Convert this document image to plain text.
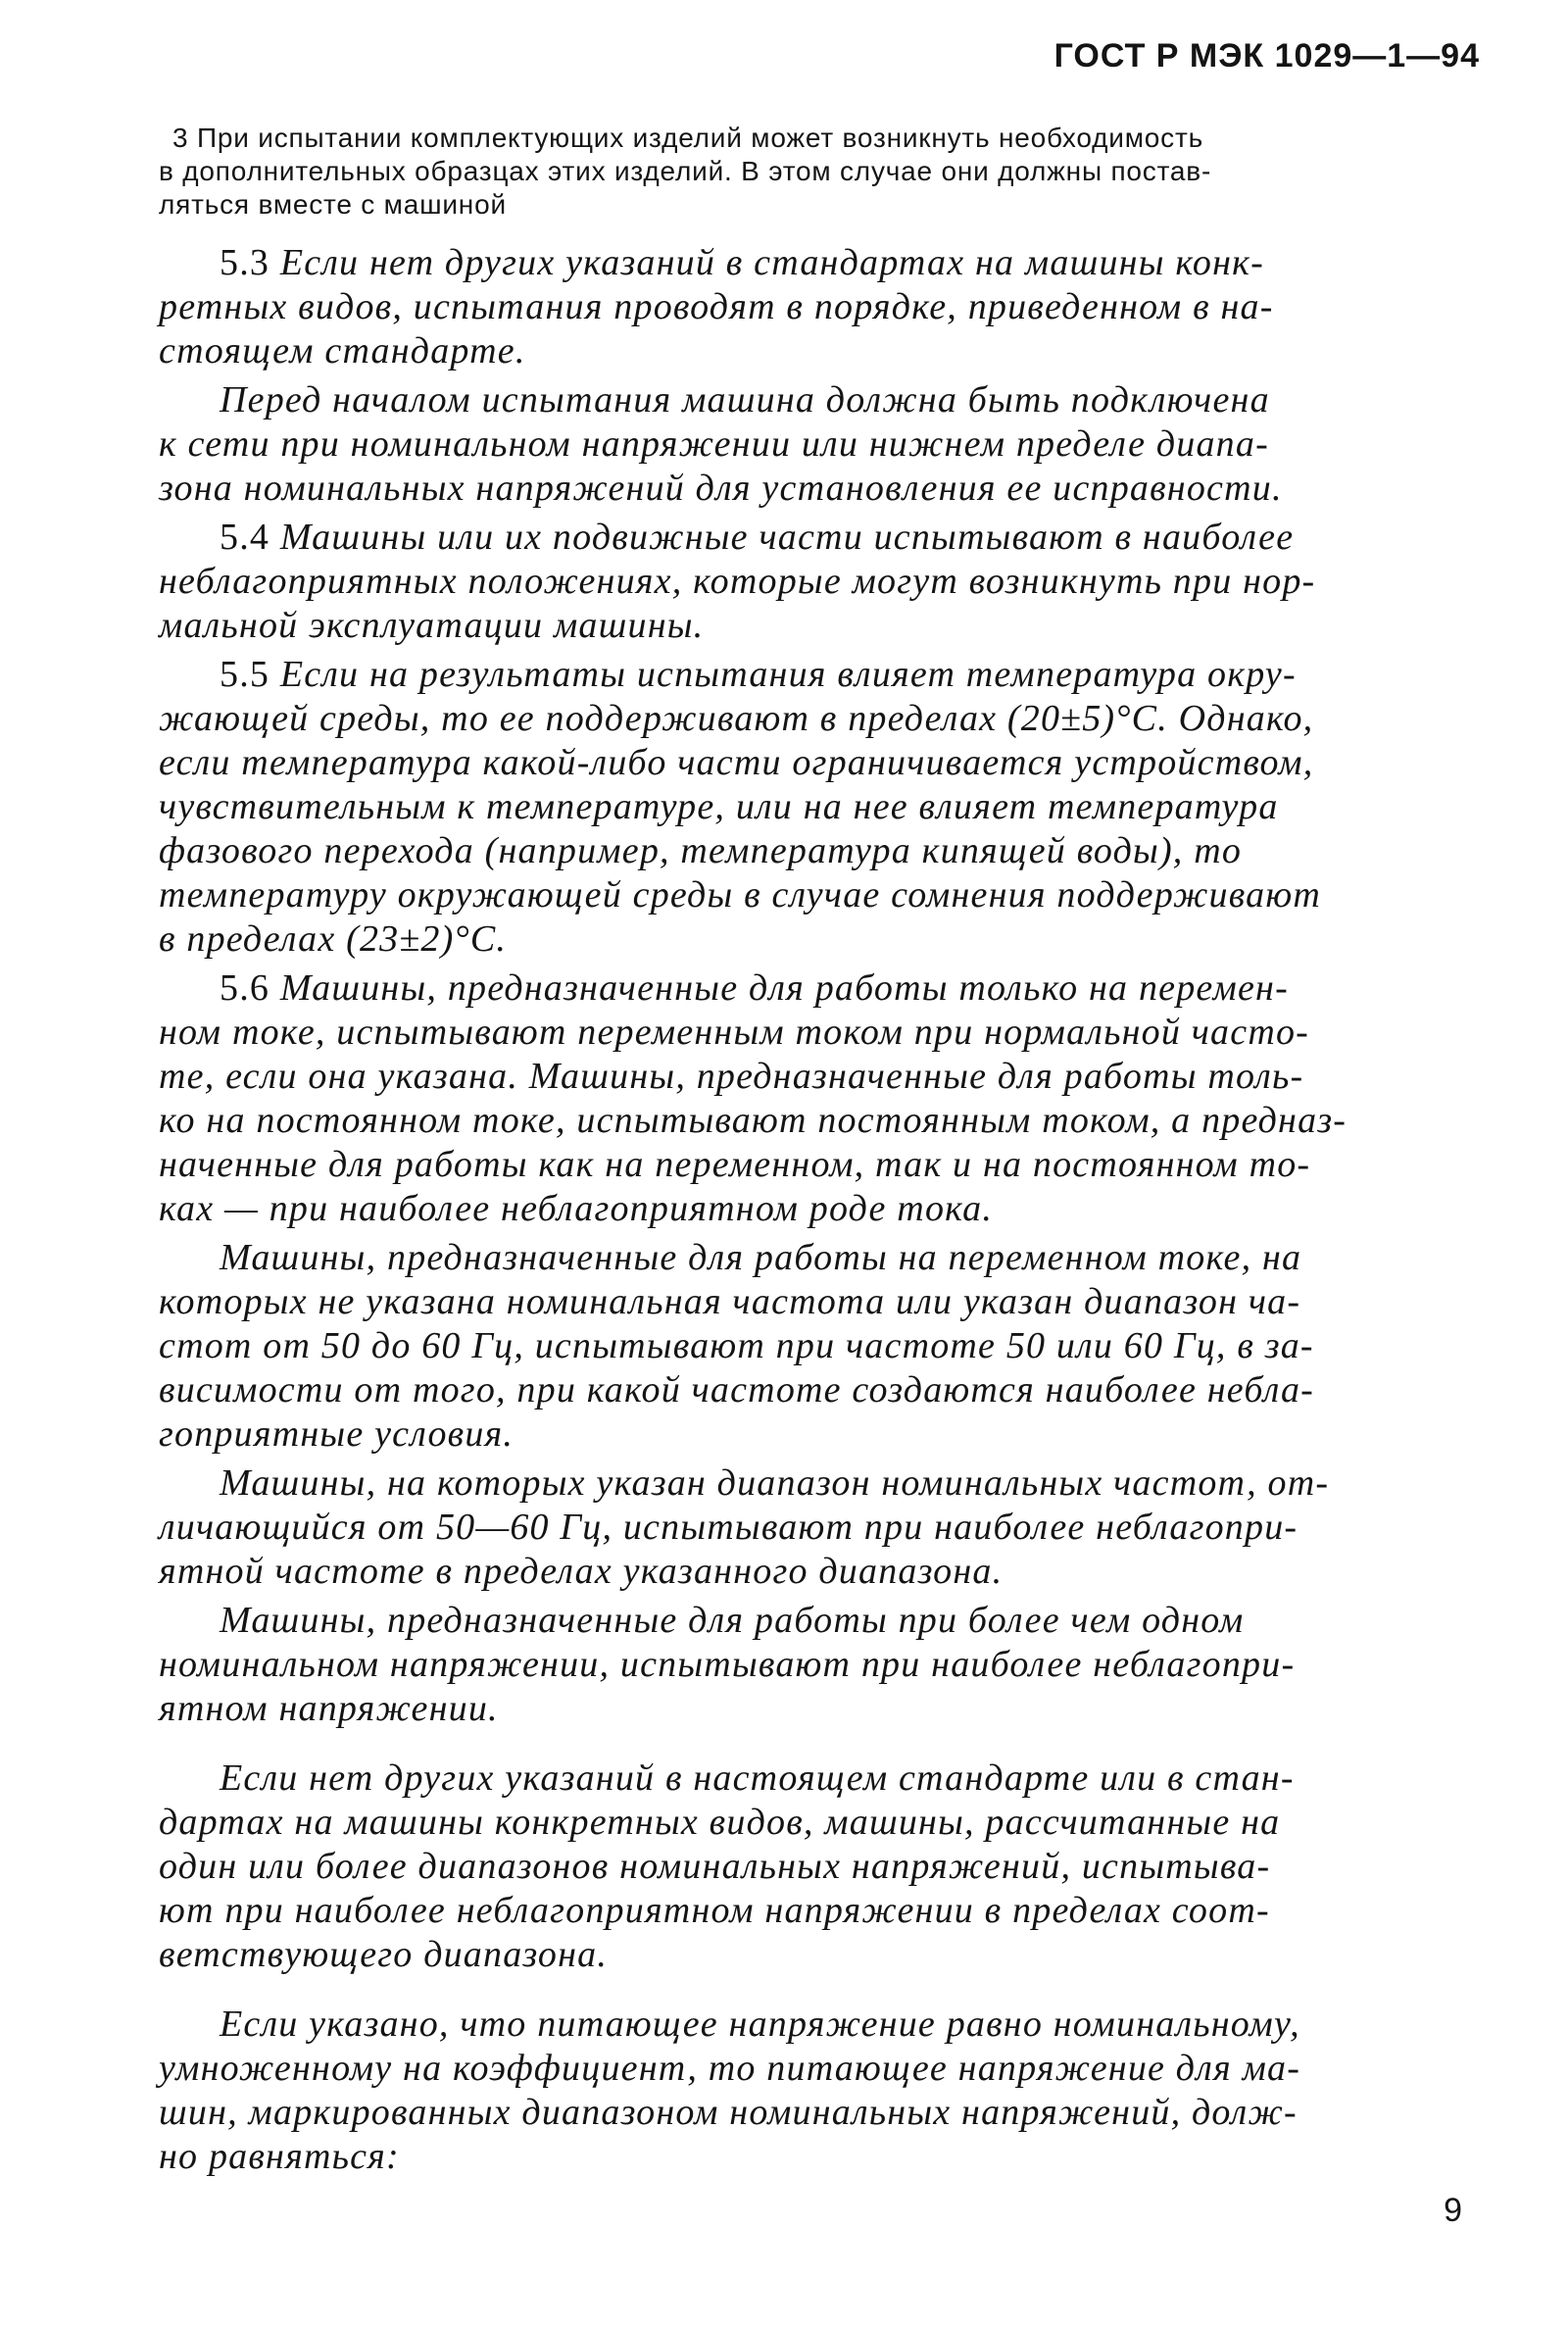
ГОСТ Р МЭК 1029—1—94
3 При испытании комплектующих изделий может возникнуть необходимость
в дополнительных образцах этих изделий. В этом случае они должны постав-
ляться вместе с машиной
5.3 Если нет других указаний в стандартах на машины конк-
ретных видов, испытания проводят в порядке, приведенном в на-
стоящем стандарте.
Перед началом испытания машина должна быть подключена
к сети при номинальном напряжении или нижнем пределе диапа-
зона номинальных напряжений для установления ее исправности.
5.4 Машины или их подвижные части испытывают в наиболее
неблагоприятных положениях, которые могут возникнуть при нор-
мальной эксплуатации машины.
5.5 Если на результаты испытания влияет температура окру-
жающей среды, то ее поддерживают в пределах (20±5)°С. Однако,
если температура какой-либо части ограничивается устройством,
чувствительным к температуре, или на нее влияет температура
фазового перехода (например, температура кипящей воды), то
температуру окружающей среды в случае сомнения поддерживают
в пределах (23±2)°С.
5.6 Машины, предназначенные для работы только на перемен-
ном токе, испытывают переменным током при нормальной часто-
те, если она указана. Машины, предназначенные для работы толь-
ко на постоянном токе, испытывают постоянным током, а предназ-
наченные для работы как на переменном, так и на постоянном то-
ках — при наиболее неблагоприятном роде тока.
Машины, предназначенные для работы на переменном токе, на
которых не указана номинальная частота или указан диапазон ча-
стот от 50 до 60 Гц, испытывают при частоте 50 или 60 Гц, в за-
висимости от того, при какой частоте создаются наиболее небла-
гоприятные условия.
Машины, на которых указан диапазон номинальных частот, от-
личающийся от 50—60 Гц, испытывают при наиболее неблагопри-
ятной частоте в пределах указанного диапазона.
Машины, предназначенные для работы при более чем одном
номинальном напряжении, испытывают при наиболее неблагопри-
ятном напряжении.
Если нет других указаний в настоящем стандарте или в стан-
дартах на машины конкретных видов, машины, рассчитанные на
один или более диапазонов номинальных напряжений, испытыва-
ют при наиболее неблагоприятном напряжении в пределах соот-
ветствующего диапазона.
Если указано, что питающее напряжение равно номинальному,
умноженному на коэффициент, то питающее напряжение для ма-
шин, маркированных диапазоном номинальных напряжений, долж-
но равняться:
9
